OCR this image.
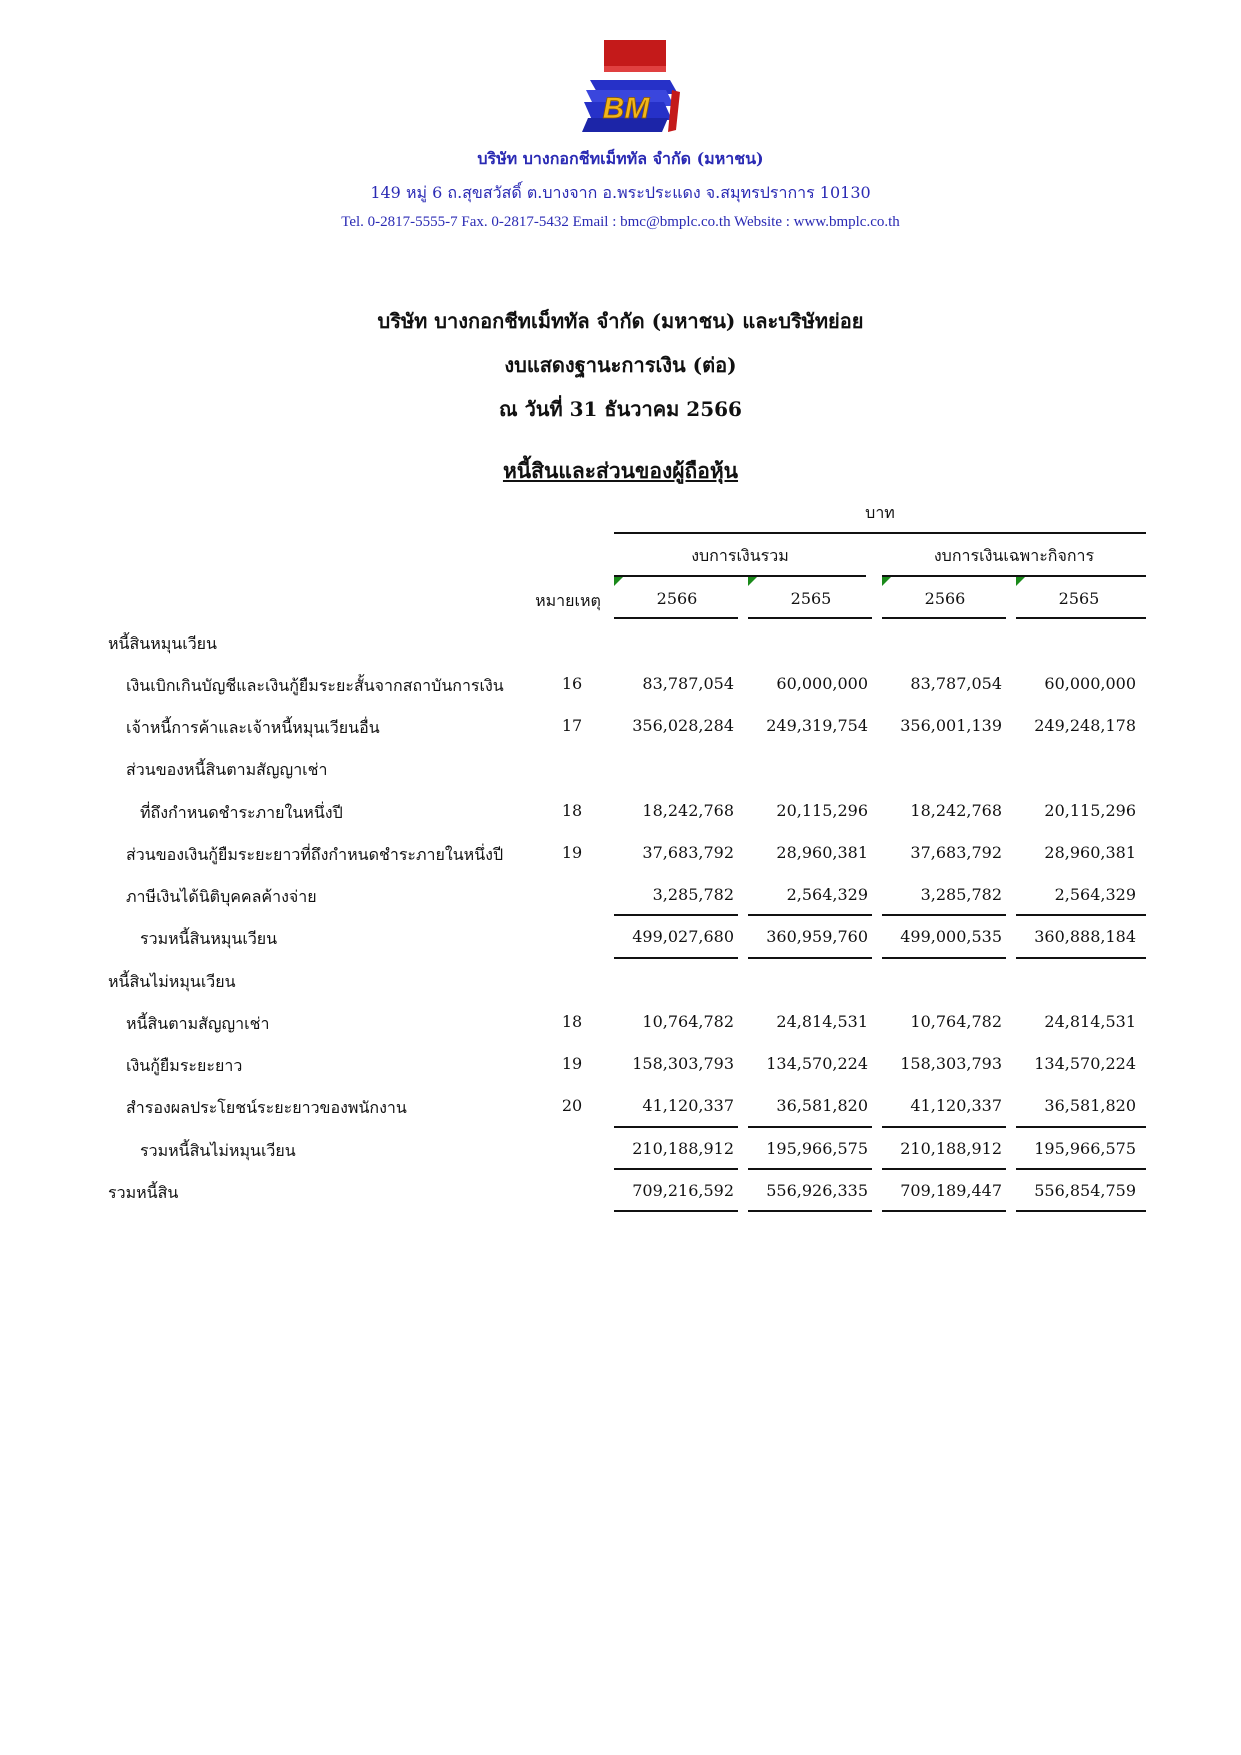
BM
บริษัท บางกอกชีทเม็ททัล จำกัด (มหาชน)
149 หมู่ 6 ถ.สุขสวัสดิ์ ต.บางจาก อ.พระประแดง จ.สมุทรปราการ 10130
Tel. 0-2817-5555-7 Fax. 0-2817-5432 Email : bmc@bmplc.co.th Website : www.bmplc.co.th
บริษัท บางกอกชีทเม็ททัล จำกัด (มหาชน) และบริษัทย่อย
งบแสดงฐานะการเงิน (ต่อ)
ณ วันที่ 31 ธันวาคม 2566
หนี้สินและส่วนของผู้ถือหุ้น
บาท
งบการเงินรวม	งบการเงินเฉพาะกิจการ
หมายเหตุ	2566	2565	2566	2565
หนี้สินหมุนเวียน
เงินเบิกเกินบัญชีและเงินกู้ยืมระยะสั้นจากสถาบันการเงิน	16	83,787,054	60,000,000	83,787,054	60,000,000
เจ้าหนี้การค้าและเจ้าหนี้หมุนเวียนอื่น	17	356,028,284	249,319,754	356,001,139	249,248,178
ส่วนของหนี้สินตามสัญญาเช่า
ที่ถึงกำหนดชำระภายในหนึ่งปี	18	18,242,768	20,115,296	18,242,768	20,115,296
ส่วนของเงินกู้ยืมระยะยาวที่ถึงกำหนดชำระภายในหนึ่งปี	19	37,683,792	28,960,381	37,683,792	28,960,381
ภาษีเงินได้นิติบุคคลค้างจ่าย	3,285,782	2,564,329	3,285,782	2,564,329
รวมหนี้สินหมุนเวียน	499,027,680	360,959,760	499,000,535	360,888,184
หนี้สินไม่หมุนเวียน
หนี้สินตามสัญญาเช่า	18	10,764,782	24,814,531	10,764,782	24,814,531
เงินกู้ยืมระยะยาว	19	158,303,793	134,570,224	158,303,793	134,570,224
สำรองผลประโยชน์ระยะยาวของพนักงาน	20	41,120,337	36,581,820	41,120,337	36,581,820
รวมหนี้สินไม่หมุนเวียน	210,188,912	195,966,575	210,188,912	195,966,575
รวมหนี้สิน	709,216,592	556,926,335	709,189,447	556,854,759
